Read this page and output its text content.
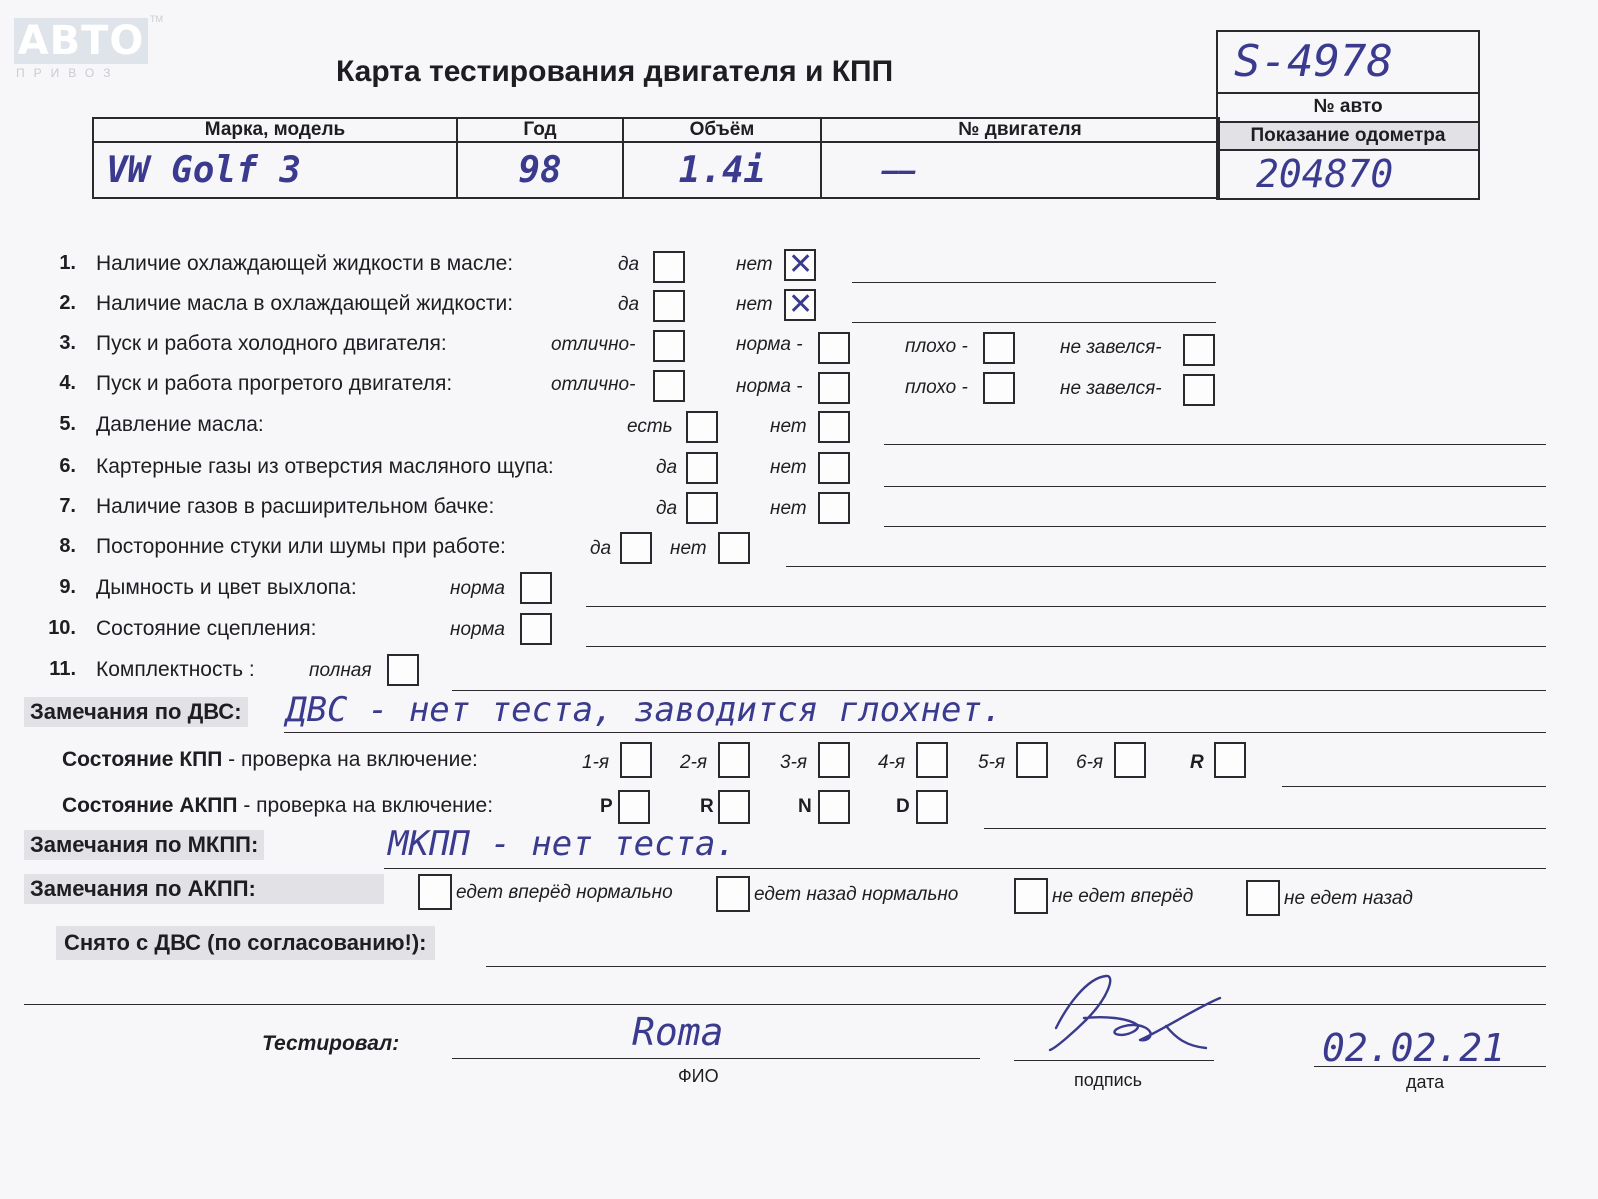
АВТО
ПРИВОЗ
TM
Карта тестирования двигателя и КПП	S-4978
№ авто
Показание одометра
204870
Марка, модель	Год	Объём	№ двигателя
VW Golf 3	98	1.4i	——
1. Наличие охлаждающей жидкости в масле:	да	нет ✕
2. Наличие масла в охлаждающей жидкости:	да	нет ✕
3. Пуск и работа холодного двигателя:	отлично-	норма -	плохо -	не завелся-
4. Пуск и работа прогретого двигателя:	отлично-	норма -	плохо -	не завелся-
5. Давление масла:	есть	нет
6. Картерные газы из отверстия масляного щупа:	да	нет
7. Наличие газов в расширительном бачке:	да	нет
8. Посторонние стуки или шумы при работе:	да	нет
9. Дымность и цвет выхлопа:	норма
10. Состояние сцепления:	норма
11. Комплектность :	полная
Замечания по ДВС: ДВС - нет теста, заводится глохнет.
Состояние КПП - проверка на включение:	1-я	2-я	3-я	4-я	5-я	6-я	R
Состояние АКПП - проверка на включение:	P	R	N	D
Замечания по МКПП:	МКПП - нет теста.
Замечания по АКПП:	едет вперёд нормально	едет назад нормально	не едет вперёд	не едет назад
Снято с ДВС (по согласованию!):
Тестировал:	Roma
ФИО	подпись
02.02.21
дата
